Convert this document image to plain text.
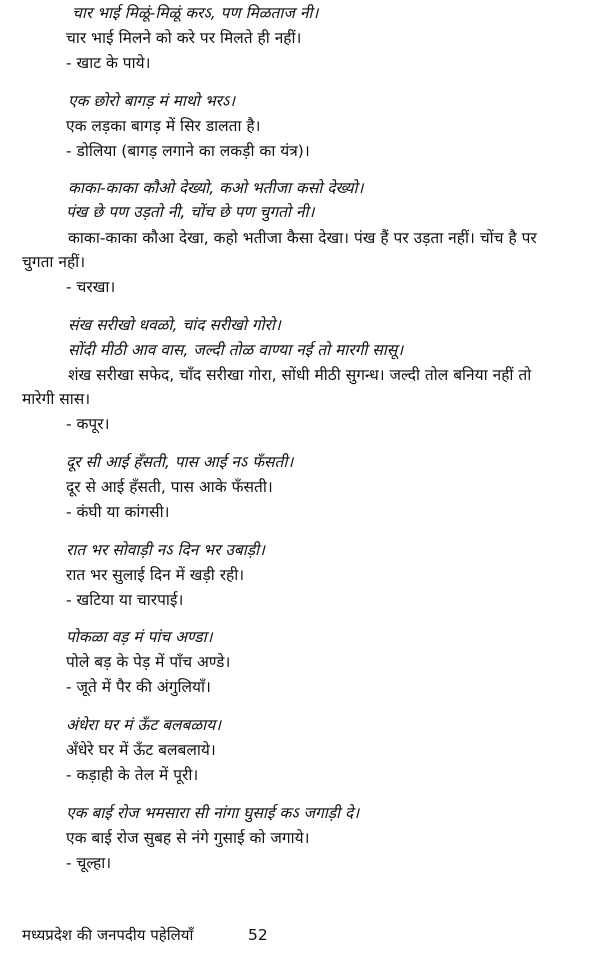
चार भाई मिळूं-मिळूं करऽ, पण मिळताज नी।
चार भाई मिलने को करे पर मिलते ही नहीं।
- खाट के पाये।
एक छोरो बागड़ मं माथो भरऽ।
एक लड़का बागड़ में सिर डालता है।
- डोलिया (बागड़ लगाने का लकड़ी का यंत्र)।
काका-काका कौओ देख्यो, कओ भतीजा कसो देख्यो।
पंख छे पण उड़तो नी, चोंच छे पण चुगतो नी।
काका-काका कौआ देखा, कहो भतीजा कैसा देखा। पंख हैं पर उड़ता नहीं। चोंच है पर
चुगता नहीं।
- चरखा।
संख सरीखो धवळो, चांद सरीखो गोरो।
सोंदी मीठी आव वास, जल्दी तोळ वाण्या नई तो मारगी सासू।
शंख सरीखा सफेद, चाँद सरीखा गोरा, सोंधी मीठी सुगन्ध। जल्दी तोल बनिया नहीं तो
मारेगी सास।
- कपूर।
दूर सी आई हँसती, पास आई नऽ फँसती।
दूर से आई हँसती, पास आके फँसती।
- कंघी या कांगसी।
रात भर सोवाड़ी नऽ दिन भर उबाड़ी।
रात भर सुलाई दिन में खड़ी रही।
- खटिया या चारपाई।
पोकळा वड़ मं पांच अण्डा।
पोले बड़ के पेड़ में पाँच अण्डे।
- जूते में पैर की अंगुलियाँ।
अंधेरा घर मं ऊँट बलबळाय।
अँधेरे घर में ऊँट बलबलाये।
- कड़ाही के तेल में पूरी।
एक बाई रोज भमसारा सी नांगा घुसाई कऽ जगाड़ी दे।
एक बाई रोज सुबह से नंगे गुसाई को जगाये।
- चूल्हा।
मध्यप्रदेश की जनपदीय पहेलियाँ	52
